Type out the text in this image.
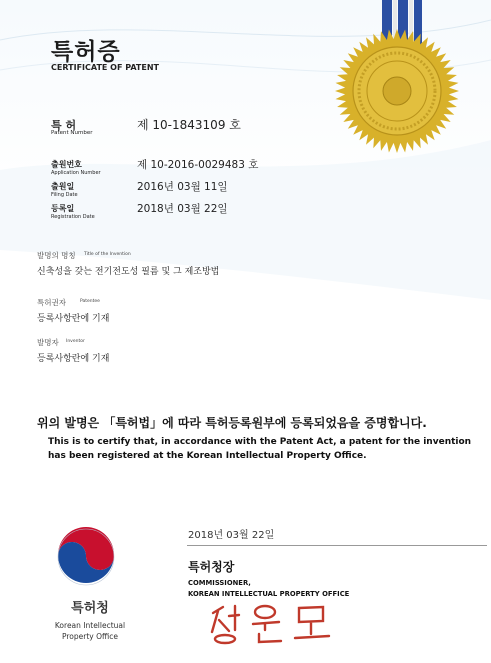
특허증
CERTIFICATE OF PATENT
특 허
Patent Number
제 10-1843109 호
출원번호
Application Number
제 10-2016-0029483 호
출원일
Filing Date
2016년 03월 11일
등록일
Registration Date
2018년 03월 22일
발명의 명칭 Title of the Invention
신축성을 갖는 전기전도성 필름 및 그 제조방법
특허권자	Patentee
등록사항란에 기재
발명자 Inventor
등록사항란에 기재
위의 발명은 「특허법」에 따라 특허등록원부에 등록되었음을 증명합니다.
This is to certify that, in accordance with the Patent Act, a patent for the invention
has been registered at the Korean Intellectual Property Office.
2018년 03월 22일
특허청장
COMMISSIONER,
KOREAN INTELLECTUAL PROPERTY OFFICE
특허청
Korean Intellectual
Property Office
